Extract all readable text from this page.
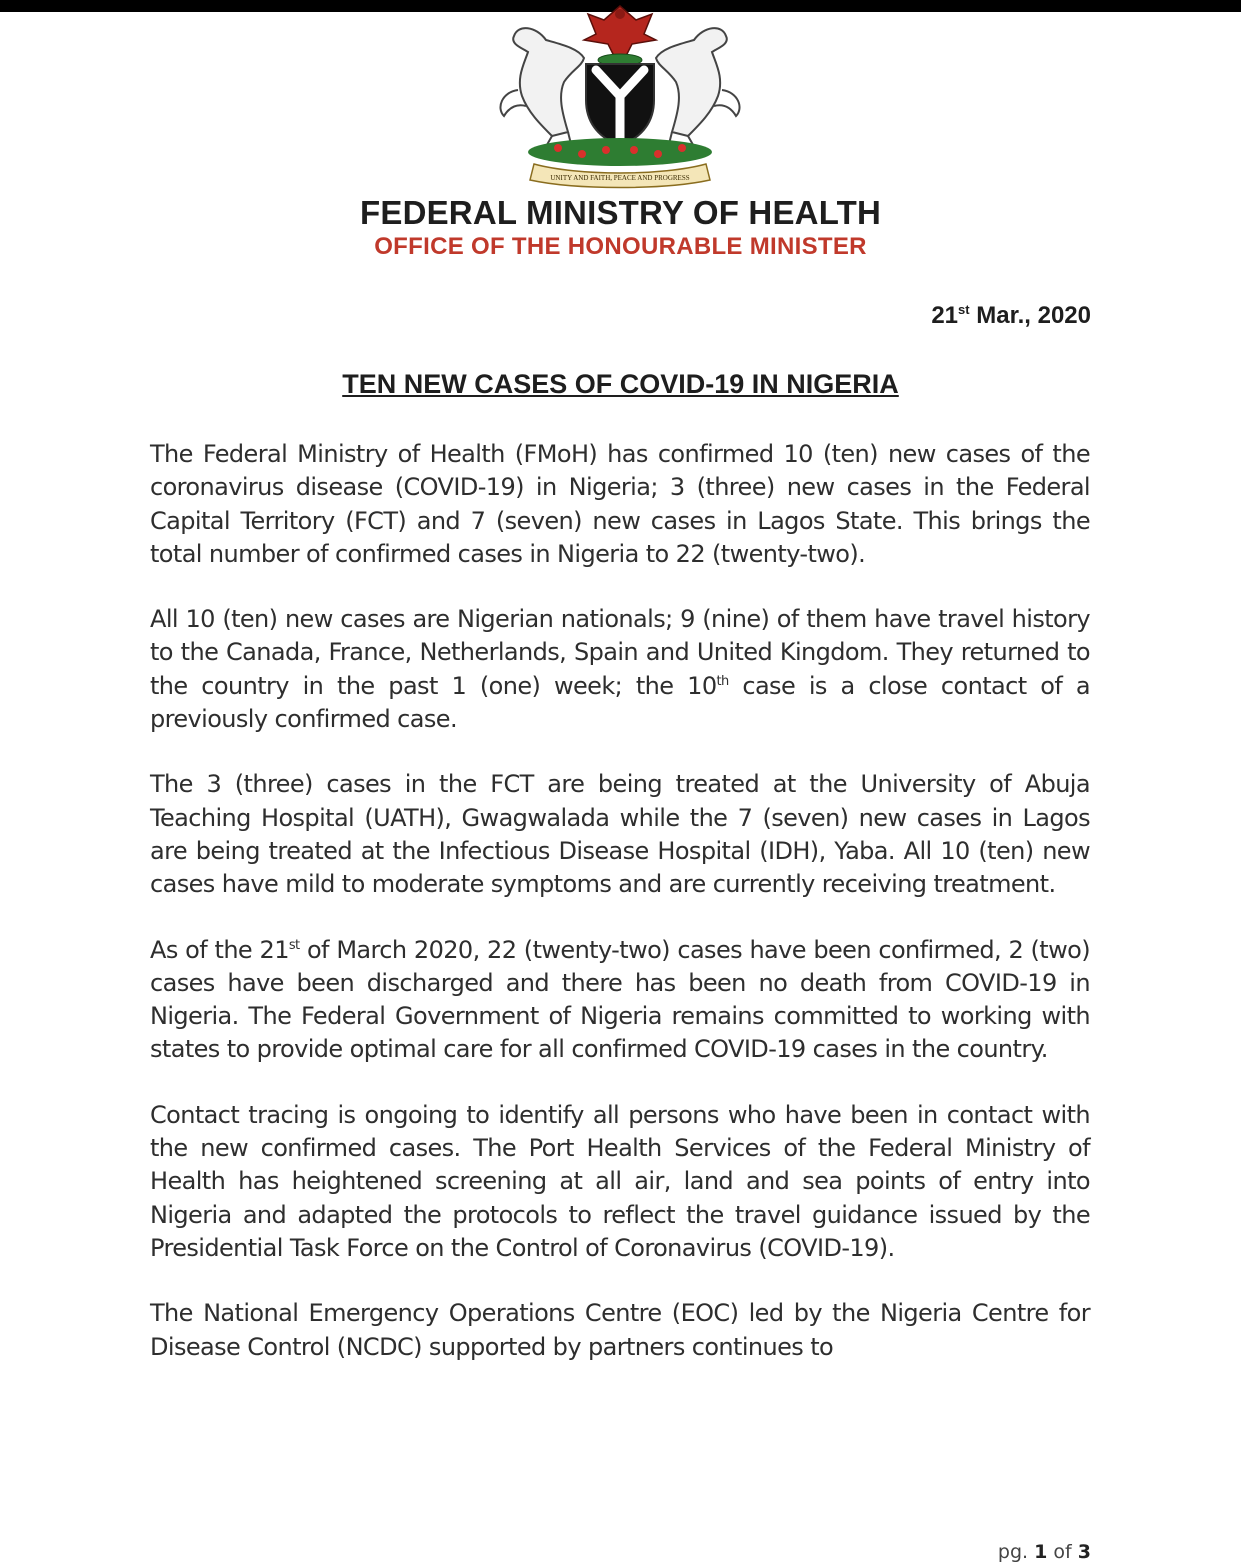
UNITY AND FAITH, PEACE AND PROGRESS
FEDERAL MINISTRY OF HEALTH
OFFICE OF THE HONOURABLE MINISTER
21st Mar., 2020
TEN NEW CASES OF COVID-19 IN NIGERIA

The Federal Ministry of Health (FMoH) has confirmed 10 (ten) new cases of the coronavirus disease (COVID-19) in Nigeria; 3 (three) new cases in the Federal Capital Territory (FCT) and 7 (seven) new cases in Lagos State. This brings the total number of confirmed cases in Nigeria to 22 (twenty-two).

All 10 (ten) new cases are Nigerian nationals; 9 (nine) of them have travel history to the Canada, France, Netherlands, Spain and United Kingdom. They returned to the country in the past 1 (one) week; the 10th case is a close contact of a previously confirmed case.

The 3 (three) cases in the FCT are being treated at the University of Abuja Teaching Hospital (UATH), Gwagwalada while the 7 (seven) new cases in Lagos are being treated at the Infectious Disease Hospital (IDH), Yaba. All 10 (ten) new cases have mild to moderate symptoms and are currently receiving treatment.

As of the 21st of March 2020, 22 (twenty-two) cases have been confirmed, 2 (two) cases have been discharged and there has been no death from COVID-19 in Nigeria. The Federal Government of Nigeria remains committed to working with states to provide optimal care for all confirmed COVID-19 cases in the country.

Contact tracing is ongoing to identify all persons who have been in contact with the new confirmed cases. The Port Health Services of the Federal Ministry of Health has heightened screening at all air, land and sea points of entry into Nigeria and adapted the protocols to reflect the travel guidance issued by the Presidential Task Force on the Control of Coronavirus (COVID-19).

The National Emergency Operations Centre (EOC) led by the Nigeria Centre for Disease Control (NCDC) supported by partners continues to

pg. 1 of 3
